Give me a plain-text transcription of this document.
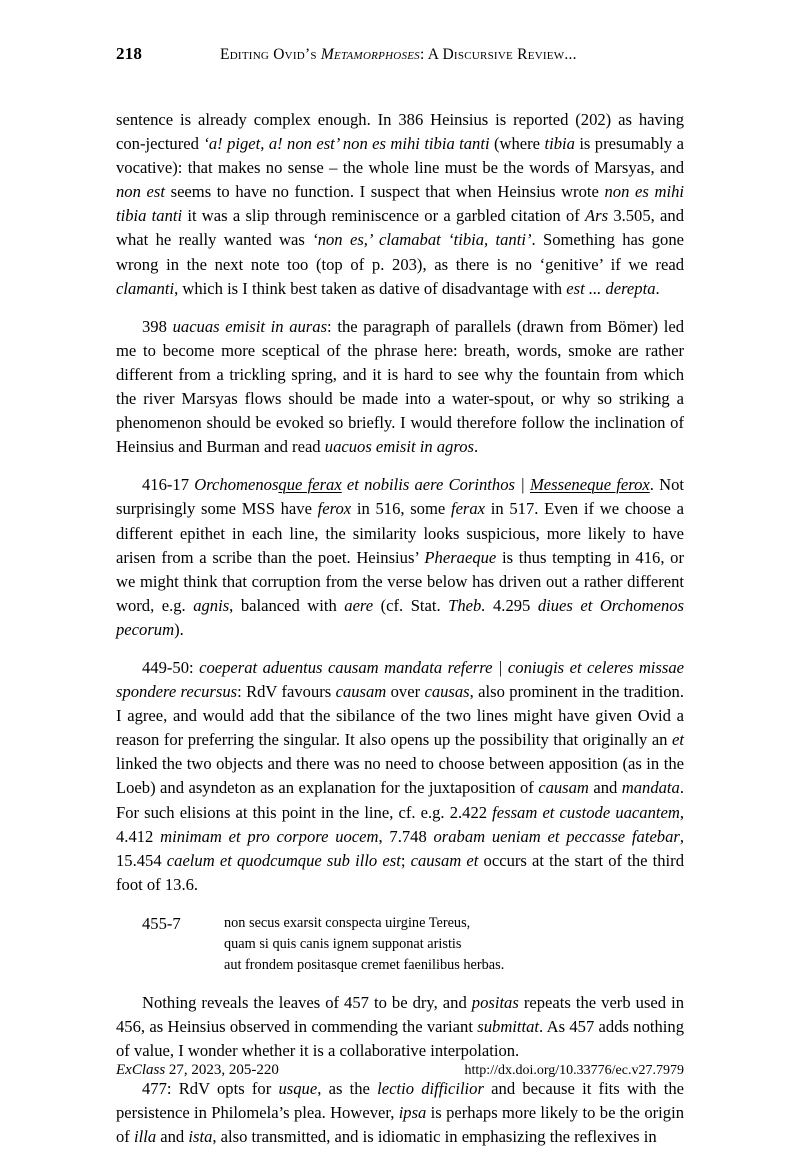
218	Editing Ovid’s Metamorphoses: A Discursive Review...

sentence is already complex enough. In 386 Heinsius is reported (202) as having con-jectured ‘a! piget, a! non est’ non es mihi tibia tanti (where tibia is presumably a vocative): that makes no sense – the whole line must be the words of Marsyas, and non est seems to have no function. I suspect that when Heinsius wrote non es mihi tibia tanti it was a slip through reminiscence or a garbled citation of Ars 3.505, and what he really wanted was ‘non es,’ clamabat ‘tibia, tanti’. Something has gone wrong in the next note too (top of p. 203), as there is no ‘genitive’ if we read clamanti, which is I think best taken as dative of disadvantage with est ... derepta.

398 uacuas emisit in auras: the paragraph of parallels (drawn from Bömer) led me to become more sceptical of the phrase here: breath, words, smoke are rather different from a trickling spring, and it is hard to see why the fountain from which the river Marsyas flows should be made into a water-spout, or why so striking a phenomenon should be evoked so briefly. I would therefore follow the inclination of Heinsius and Burman and read uacuos emisit in agros.

416-17 Orchomenosque ferax et nobilis aere Corinthos | Messeneque ferox. Not surprisingly some MSS have ferox in 516, some ferax in 517. Even if we choose a different epithet in each line, the similarity looks suspicious, more likely to have arisen from a scribe than the poet. Heinsius’ Pheraeque is thus tempting in 416, or we might think that corruption from the verse below has driven out a rather different word, e.g. agnis, balanced with aere (cf. Stat. Theb. 4.295 diues et Orchomenos pecorum).

449-50: coeperat aduentus causam mandata referre | coniugis et celeres missae spondere recursus: RdV favours causam over causas, also prominent in the tradition. I agree, and would add that the sibilance of the two lines might have given Ovid a reason for preferring the singular. It also opens up the possibility that originally an et linked the two objects and there was no need to choose between apposition (as in the Loeb) and asyndeton as an explanation for the juxtaposition of causam and mandata. For such elisions at this point in the line, cf. e.g. 2.422 fessam et custode uacantem, 4.412 minimam et pro corpore uocem, 7.748 orabam ueniam et peccasse fatebar, 15.454 caelum et quodcumque sub illo est; causam et occurs at the start of the third foot of 13.6.

455-7	non secus exarsit conspecta uirgine Tereus,
quam si quis canis ignem supponat aristis
aut frondem positasque cremet faenilibus herbas.

Nothing reveals the leaves of 457 to be dry, and positas repeats the verb used in 456, as Heinsius observed in commending the variant submittat. As 457 adds nothing of value, I wonder whether it is a collaborative interpolation.

477: RdV opts for usque, as the lectio difficilior and because it fits with the persistence in Philomela’s plea. However, ipsa is perhaps more likely to be the origin of illa and ista, also transmitted, and is idiomatic in emphasizing the reflexives in

ExClass 27, 2023, 205-220	http://dx.doi.org/10.33776/ec.v27.7979
